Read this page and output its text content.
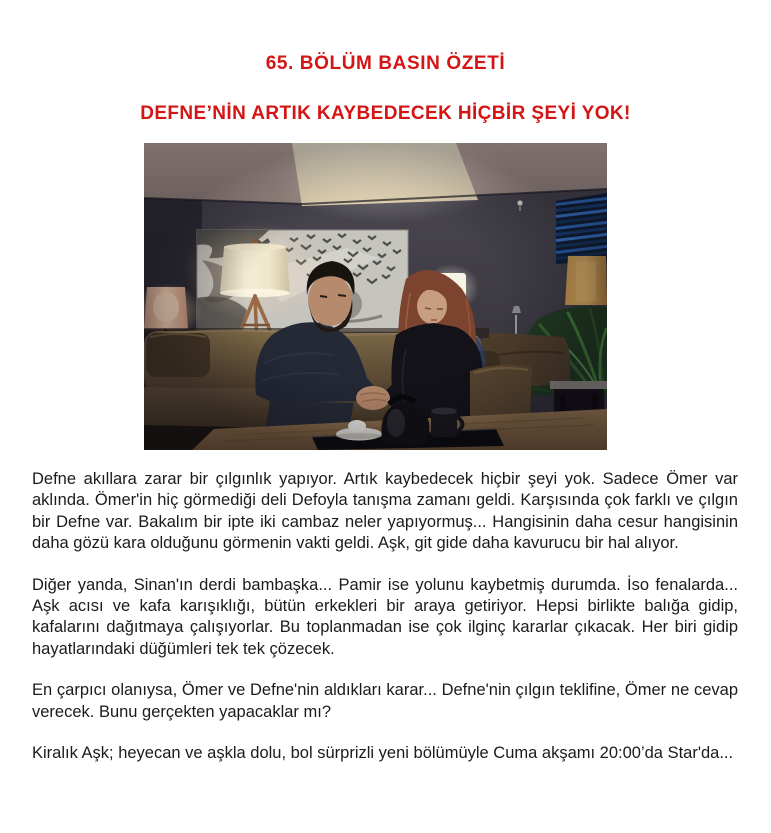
65. BÖLÜM BASIN ÖZETİ
DEFNE’NİN ARTIK KAYBEDECEK HİÇBİR ŞEYİ YOK!

Defne akıllara zarar bir çılgınlık yapıyor. Artık kaybedecek hiçbir şeyi yok. Sadece Ömer var aklında. Ömer'in hiç görmediği deli Defoyla tanışma zamanı geldi. Karşısında çok farklı ve çılgın bir Defne var. Bakalım bir ipte iki cambaz neler yapıyormuş... Hangisinin daha cesur hangisinin daha gözü kara olduğunu görmenin vakti geldi. Aşk, git gide daha kavurucu bir hal alıyor.

Diğer yanda, Sinan'ın derdi bambaşka... Pamir ise yolunu kaybetmiş durumda. İso fenalarda... Aşk acısı ve kafa karışıklığı, bütün erkekleri bir araya getiriyor. Hepsi birlikte balığa gidip, kafalarını dağıtmaya çalışıyorlar. Bu toplanmadan ise çok ilginç kararlar çıkacak. Her biri gidip hayatlarındaki düğümleri tek tek çözecek.

En çarpıcı olanıysa, Ömer ve Defne'nin aldıkları karar... Defne'nin çılgın teklifine, Ömer ne cevap verecek. Bunu gerçekten yapacaklar mı?

Kiralık Aşk; heyecan ve aşkla dolu, bol sürprizli yeni bölümüyle Cuma akşamı 20:00’da Star'da...
